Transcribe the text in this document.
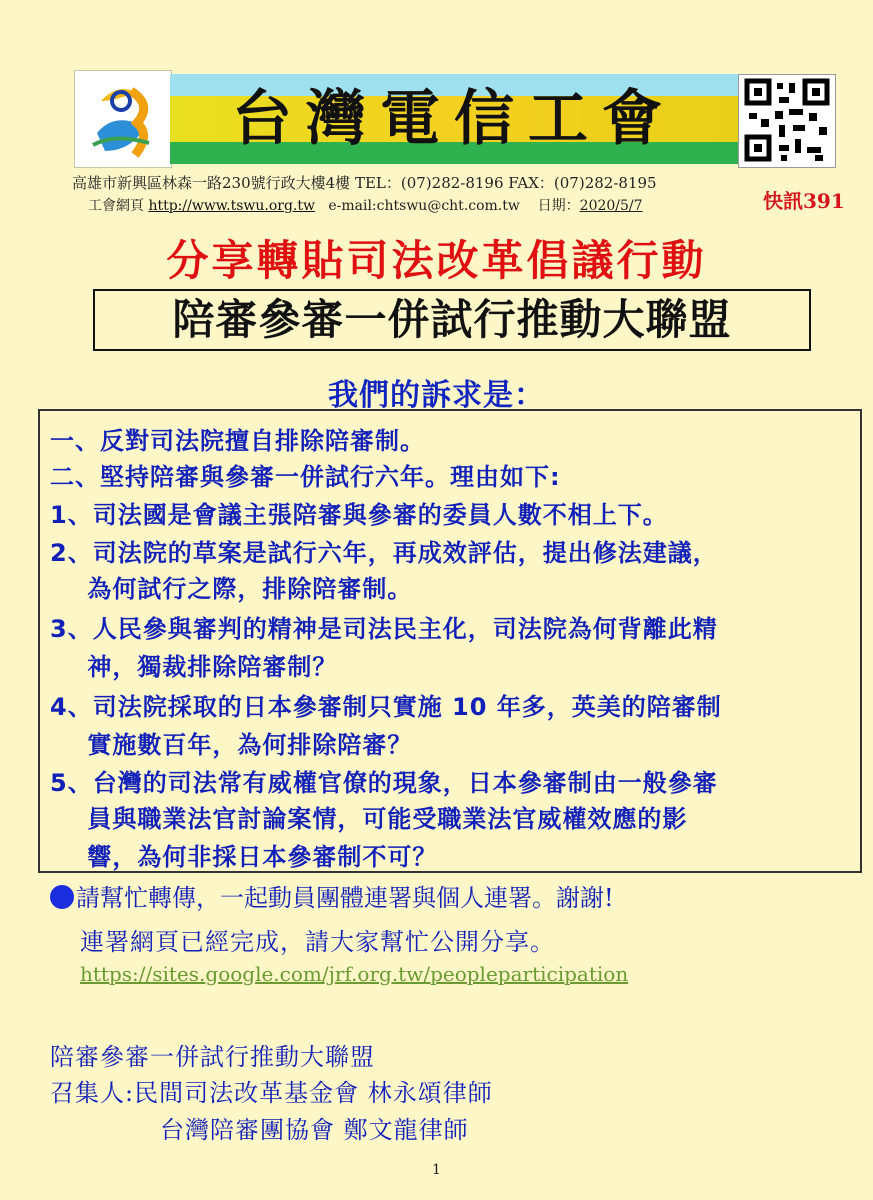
台灣電信工會
高雄市新興區林森一路230號行政大樓4樓 TEL：(07)282-8196 FAX：(07)282-8195
工會網頁 http://www.tswu.org.tw e-mail:chtswu@cht.com.tw 日期：2020/5/7	快訊391
分享轉貼司法改革倡議行動
陪審參審一併試行推動大聯盟
我們的訴求是：
一、反對司法院擅自排除陪審制。
二、堅持陪審與參審一併試行六年。理由如下:
1、司法國是會議主張陪審與參審的委員人數不相上下。
2、司法院的草案是試行六年，再成效評估，提出修法建議，
為何試行之際，排除陪審制。
3、人民參與審判的精神是司法民主化，司法院為何背離此精
神，獨裁排除陪審制？
4、司法院採取的日本參審制只實施 10 年多，英美的陪審制
實施數百年，為何排除陪審？
5、台灣的司法常有威權官僚的現象，日本參審制由一般參審
員與職業法官討論案情，可能受職業法官威權效應的影
響，為何非採日本參審制不可？
請幫忙轉傳，一起動員團體連署與個人連署。謝謝!
連署網頁已經完成，請大家幫忙公開分享。
https://sites.google.com/jrf.org.tw/peopleparticipation
陪審參審一併試行推動大聯盟
召集人:民間司法改革基金會 林永頌律師
台灣陪審團協會 鄭文龍律師
1
